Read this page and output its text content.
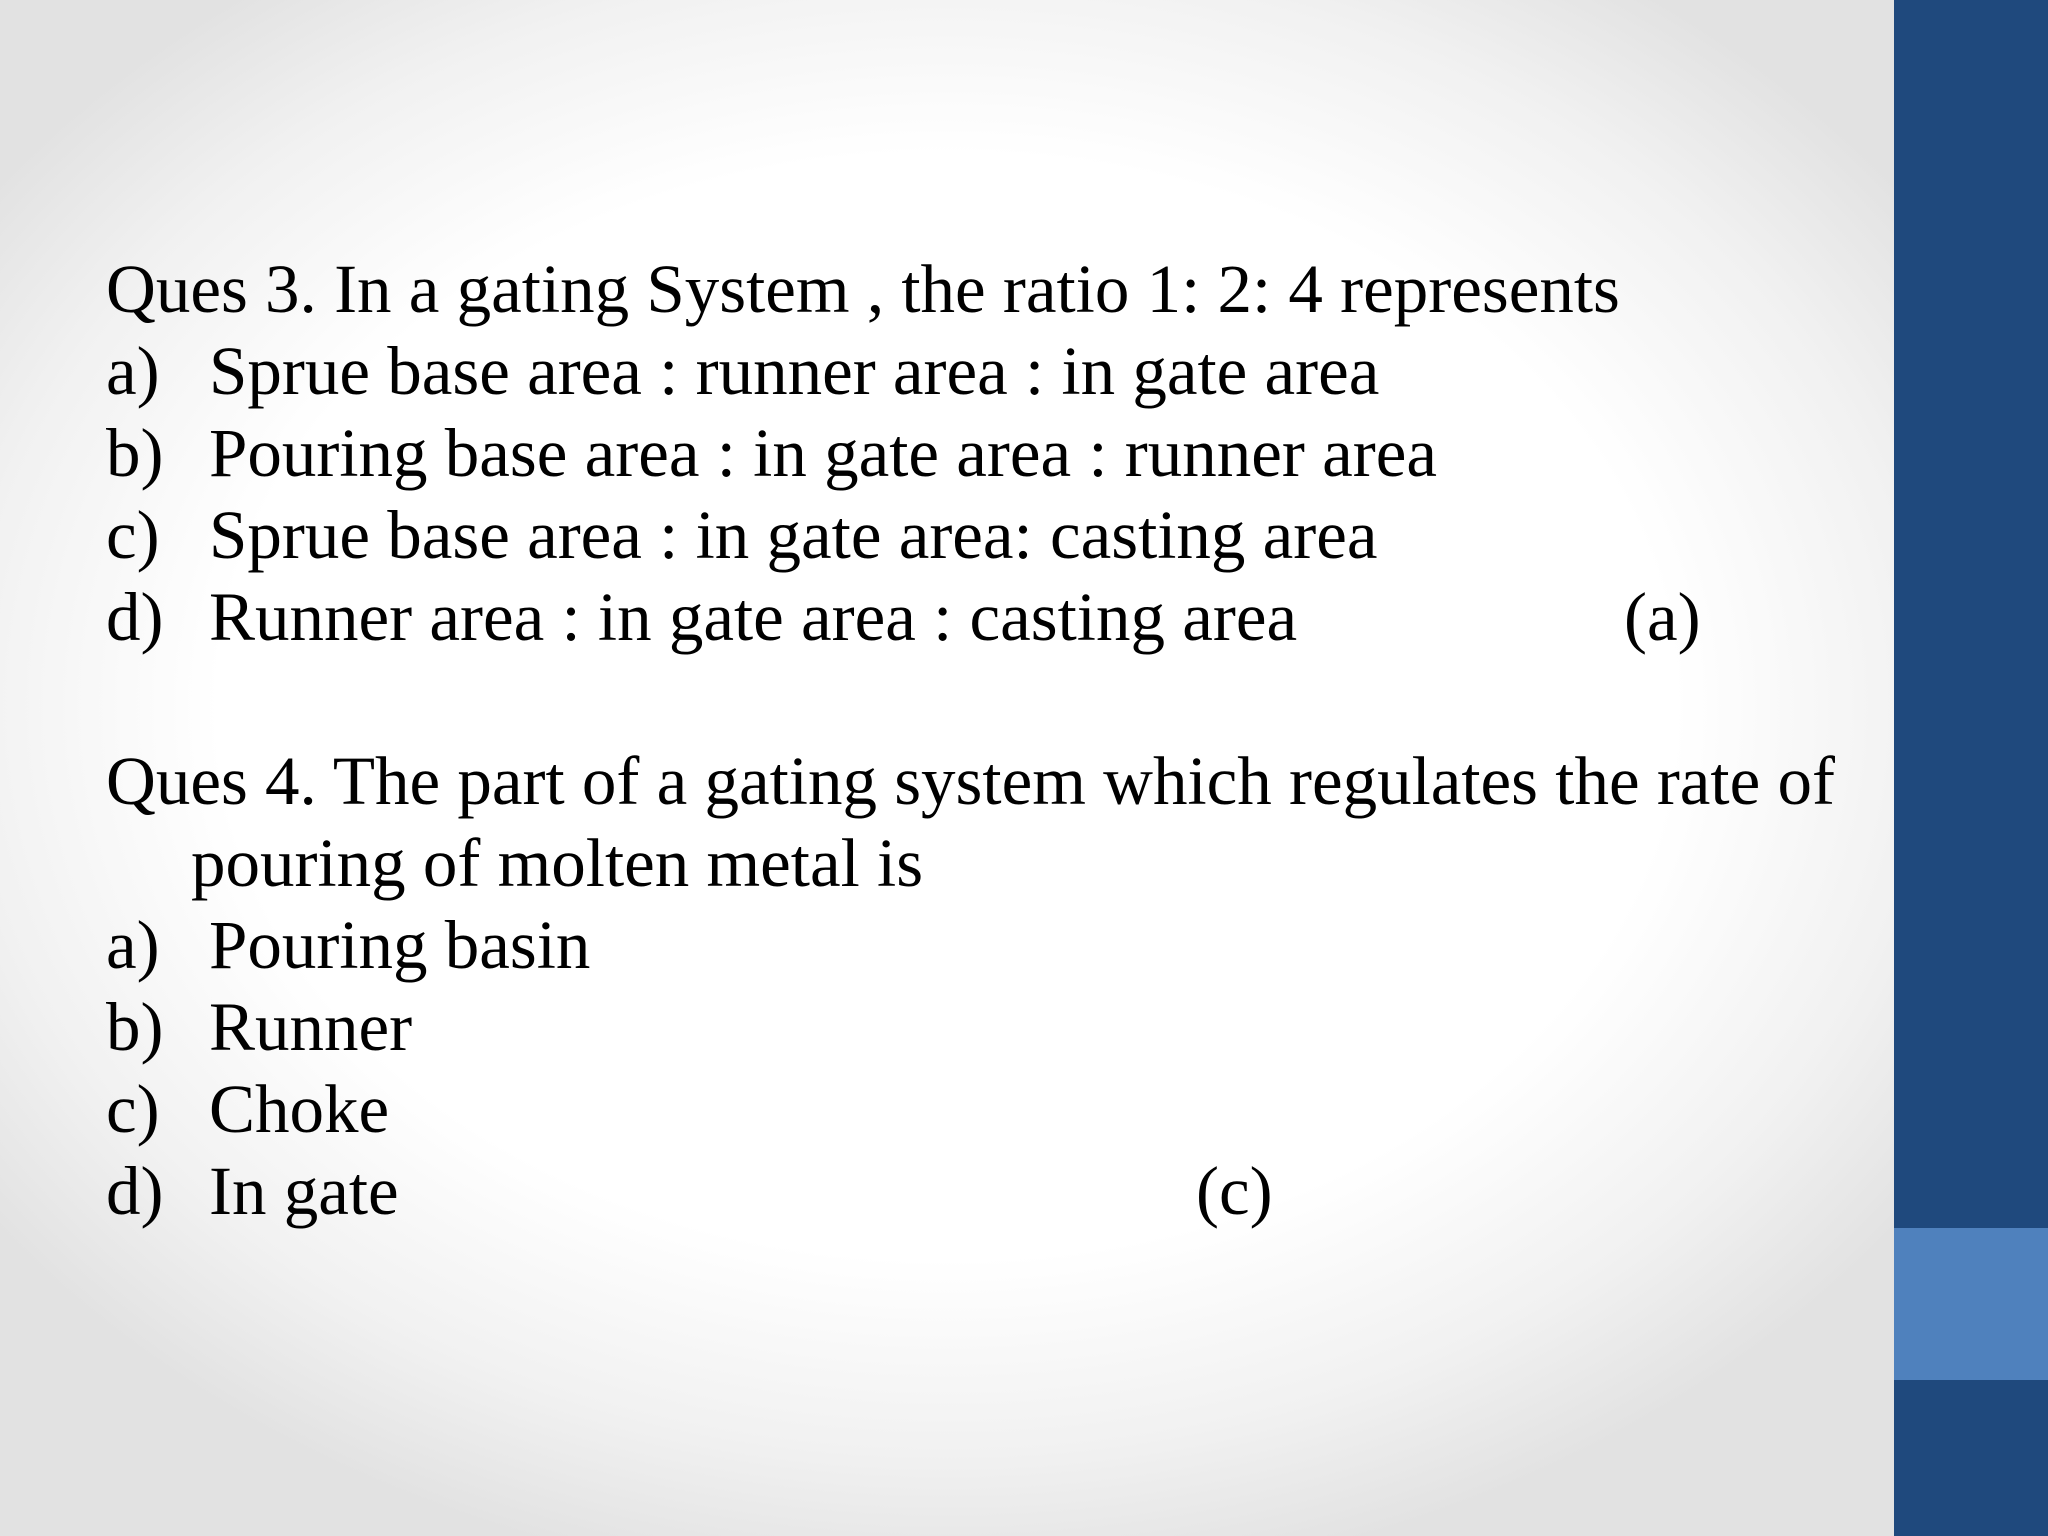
Ques 3. In a gating System , the ratio 1: 2: 4 represents
a) Sprue base area : runner area : in gate area
b) Pouring base area : in gate area : runner area
c) Sprue base area : in gate area: casting area
d) Runner area : in gate area : casting area	(a)
Ques 4. The part of a gating system which regulates the rate of
pouring of molten metal is
a) Pouring basin
b) Runner
c) Choke
d) In gate	(c)
